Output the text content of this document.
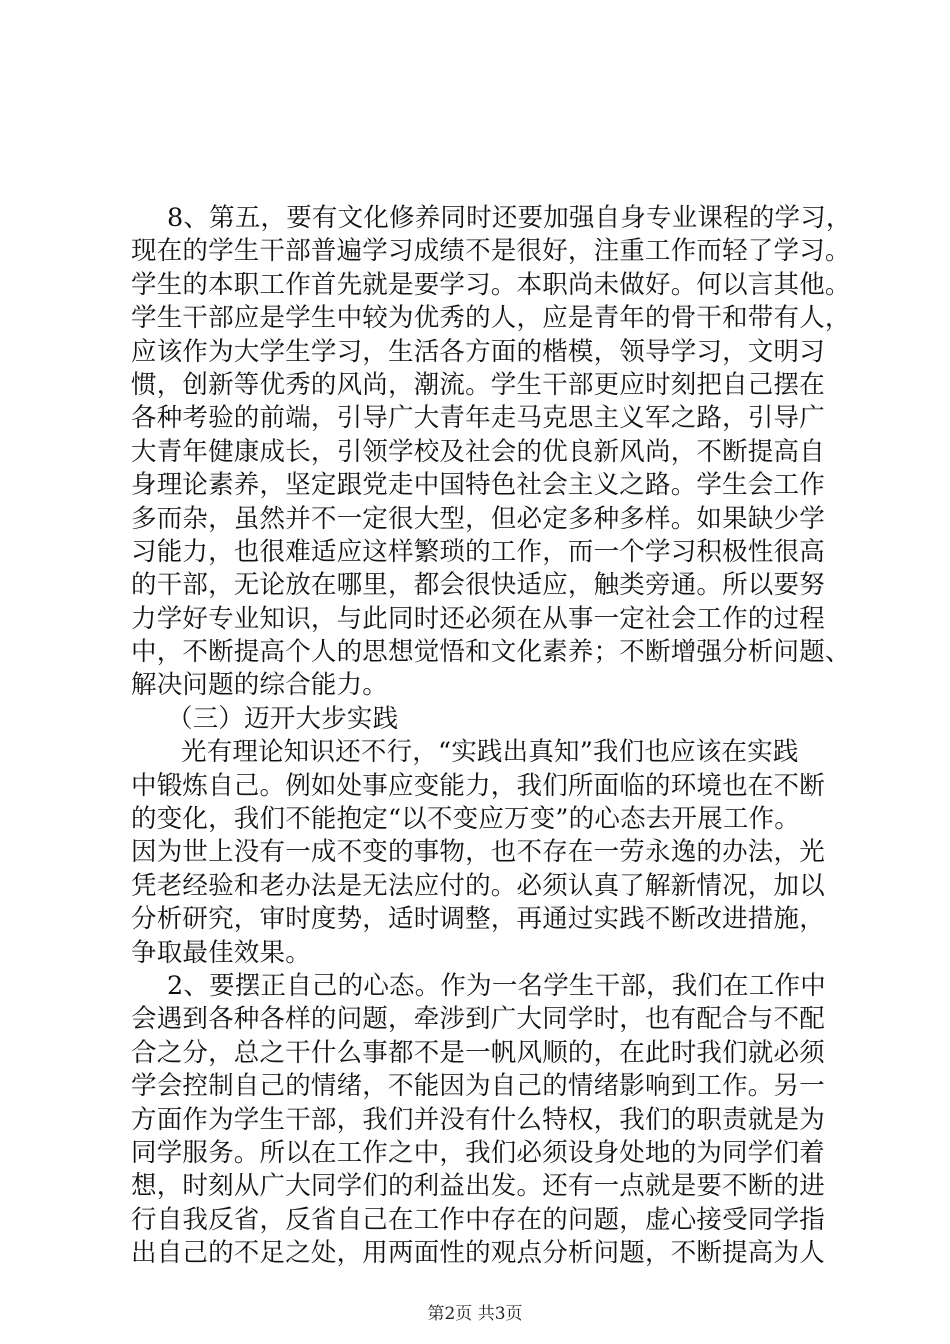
8、第五，要有文化修养同时还要加强自身专业课程的学习，
现在的学生干部普遍学习成绩不是很好，注重工作而轻了学习。
学生的本职工作首先就是要学习。本职尚未做好。何以言其他。
学生干部应是学生中较为优秀的人，应是青年的骨干和带有人，
应该作为大学生学习，生活各方面的楷模，领导学习，文明习
惯，创新等优秀的风尚，潮流。学生干部更应时刻把自己摆在
各种考验的前端，引导广大青年走马克思主义军之路，引导广
大青年健康成长，引领学校及社会的优良新风尚，不断提高自
身理论素养，坚定跟党走中国特色社会主义之路。学生会工作
多而杂，虽然并不一定很大型，但必定多种多样。如果缺少学
习能力，也很难适应这样繁琐的工作，而一个学习积极性很高
的干部，无论放在哪里，都会很快适应，触类旁通。所以要努
力学好专业知识，与此同时还必须在从事一定社会工作的过程
中，不断提高个人的思想觉悟和文化素养；不断增强分析问题、
解决问题的综合能力。
（三）迈开大步实践
光有理论知识还不行，“实践出真知”我们也应该在实践
中锻炼自己。例如处事应变能力，我们所面临的环境也在不断
的变化，我们不能抱定“以不变应万变”的心态去开展工作。
因为世上没有一成不变的事物，也不存在一劳永逸的办法，光
凭老经验和老办法是无法应付的。必须认真了解新情况，加以
分析研究，审时度势，适时调整，再通过实践不断改进措施，
争取最佳效果。
2、要摆正自己的心态。作为一名学生干部，我们在工作中
会遇到各种各样的问题，牵涉到广大同学时，也有配合与不配
合之分，总之干什么事都不是一帆风顺的，在此时我们就必须
学会控制自己的情绪，不能因为自己的情绪影响到工作。另一
方面作为学生干部，我们并没有什么特权，我们的职责就是为
同学服务。所以在工作之中，我们必须设身处地的为同学们着
想，时刻从广大同学们的利益出发。还有一点就是要不断的进
行自我反省，反省自己在工作中存在的问题，虚心接受同学指
出自己的不足之处，用两面性的观点分析问题，不断提高为人
第2页 共3页
